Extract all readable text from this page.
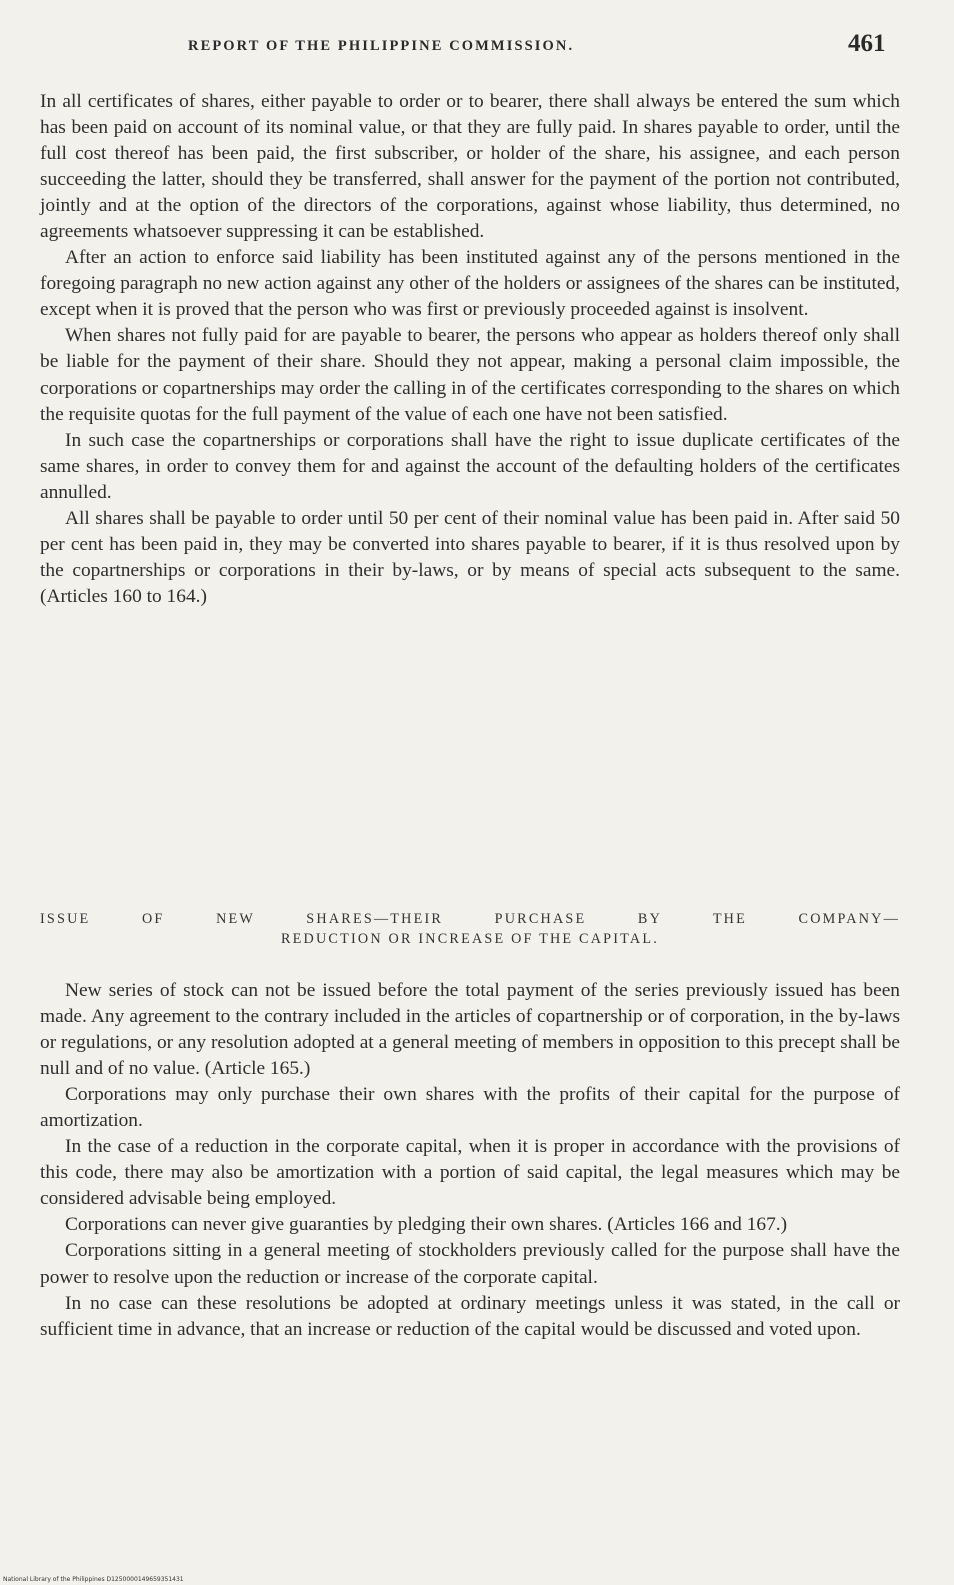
REPORT OF THE PHILIPPINE COMMISSION.	461

In all certificates of shares, either payable to order or to bearer, there shall always be entered the sum which has been paid on account of its nominal value, or that they are fully paid. In shares payable to order, until the full cost thereof has been paid, the first subscriber, or holder of the share, his assignee, and each person succeeding the latter, should they be transferred, shall answer for the payment of the portion not contributed, jointly and at the option of the directors of the corporations, against whose liability, thus determined, no agreements whatsoever suppressing it can be established.

After an action to enforce said liability has been instituted against any of the persons mentioned in the foregoing paragraph no new action against any other of the holders or assignees of the shares can be instituted, except when it is proved that the person who was first or previously proceeded against is insolvent.

When shares not fully paid for are payable to bearer, the persons who appear as holders thereof only shall be liable for the payment of their share. Should they not appear, making a personal claim impossible, the corporations or copartnerships may order the calling in of the certificates corresponding to the shares on which the requisite quotas for the full payment of the value of each one have not been satisfied.

In such case the copartnerships or corporations shall have the right to issue duplicate certificates of the same shares, in order to convey them for and against the account of the defaulting holders of the certificates annulled.

All shares shall be payable to order until 50 per cent of their nominal value has been paid in. After said 50 per cent has been paid in, they may be converted into shares payable to bearer, if it is thus resolved upon by the copartnerships or corporations in their by-laws, or by means of special acts subsequent to the same. (Articles 160 to 164.)

ISSUE OF NEW SHARES—THEIR PURCHASE BY THE COMPANY—
REDUCTION OR INCREASE OF THE CAPITAL.

New series of stock can not be issued before the total payment of the series previously issued has been made. Any agreement to the contrary included in the articles of copartnership or of corporation, in the by-laws or regulations, or any resolution adopted at a general meeting of members in opposition to this precept shall be null and of no value. (Article 165.)

Corporations may only purchase their own shares with the profits of their capital for the purpose of amortization.

In the case of a reduction in the corporate capital, when it is proper in accordance with the provisions of this code, there may also be amortization with a portion of said capital, the legal measures which may be considered advisable being employed.

Corporations can never give guaranties by pledging their own shares. (Articles 166 and 167.)

Corporations sitting in a general meeting of stockholders previously called for the purpose shall have the power to resolve upon the reduction or increase of the corporate capital.

In no case can these resolutions be adopted at ordinary meetings unless it was stated, in the call or sufficient time in advance, that an increase or reduction of the capital would be discussed and voted upon.

National Library of the Philippines D1250000149659351431
